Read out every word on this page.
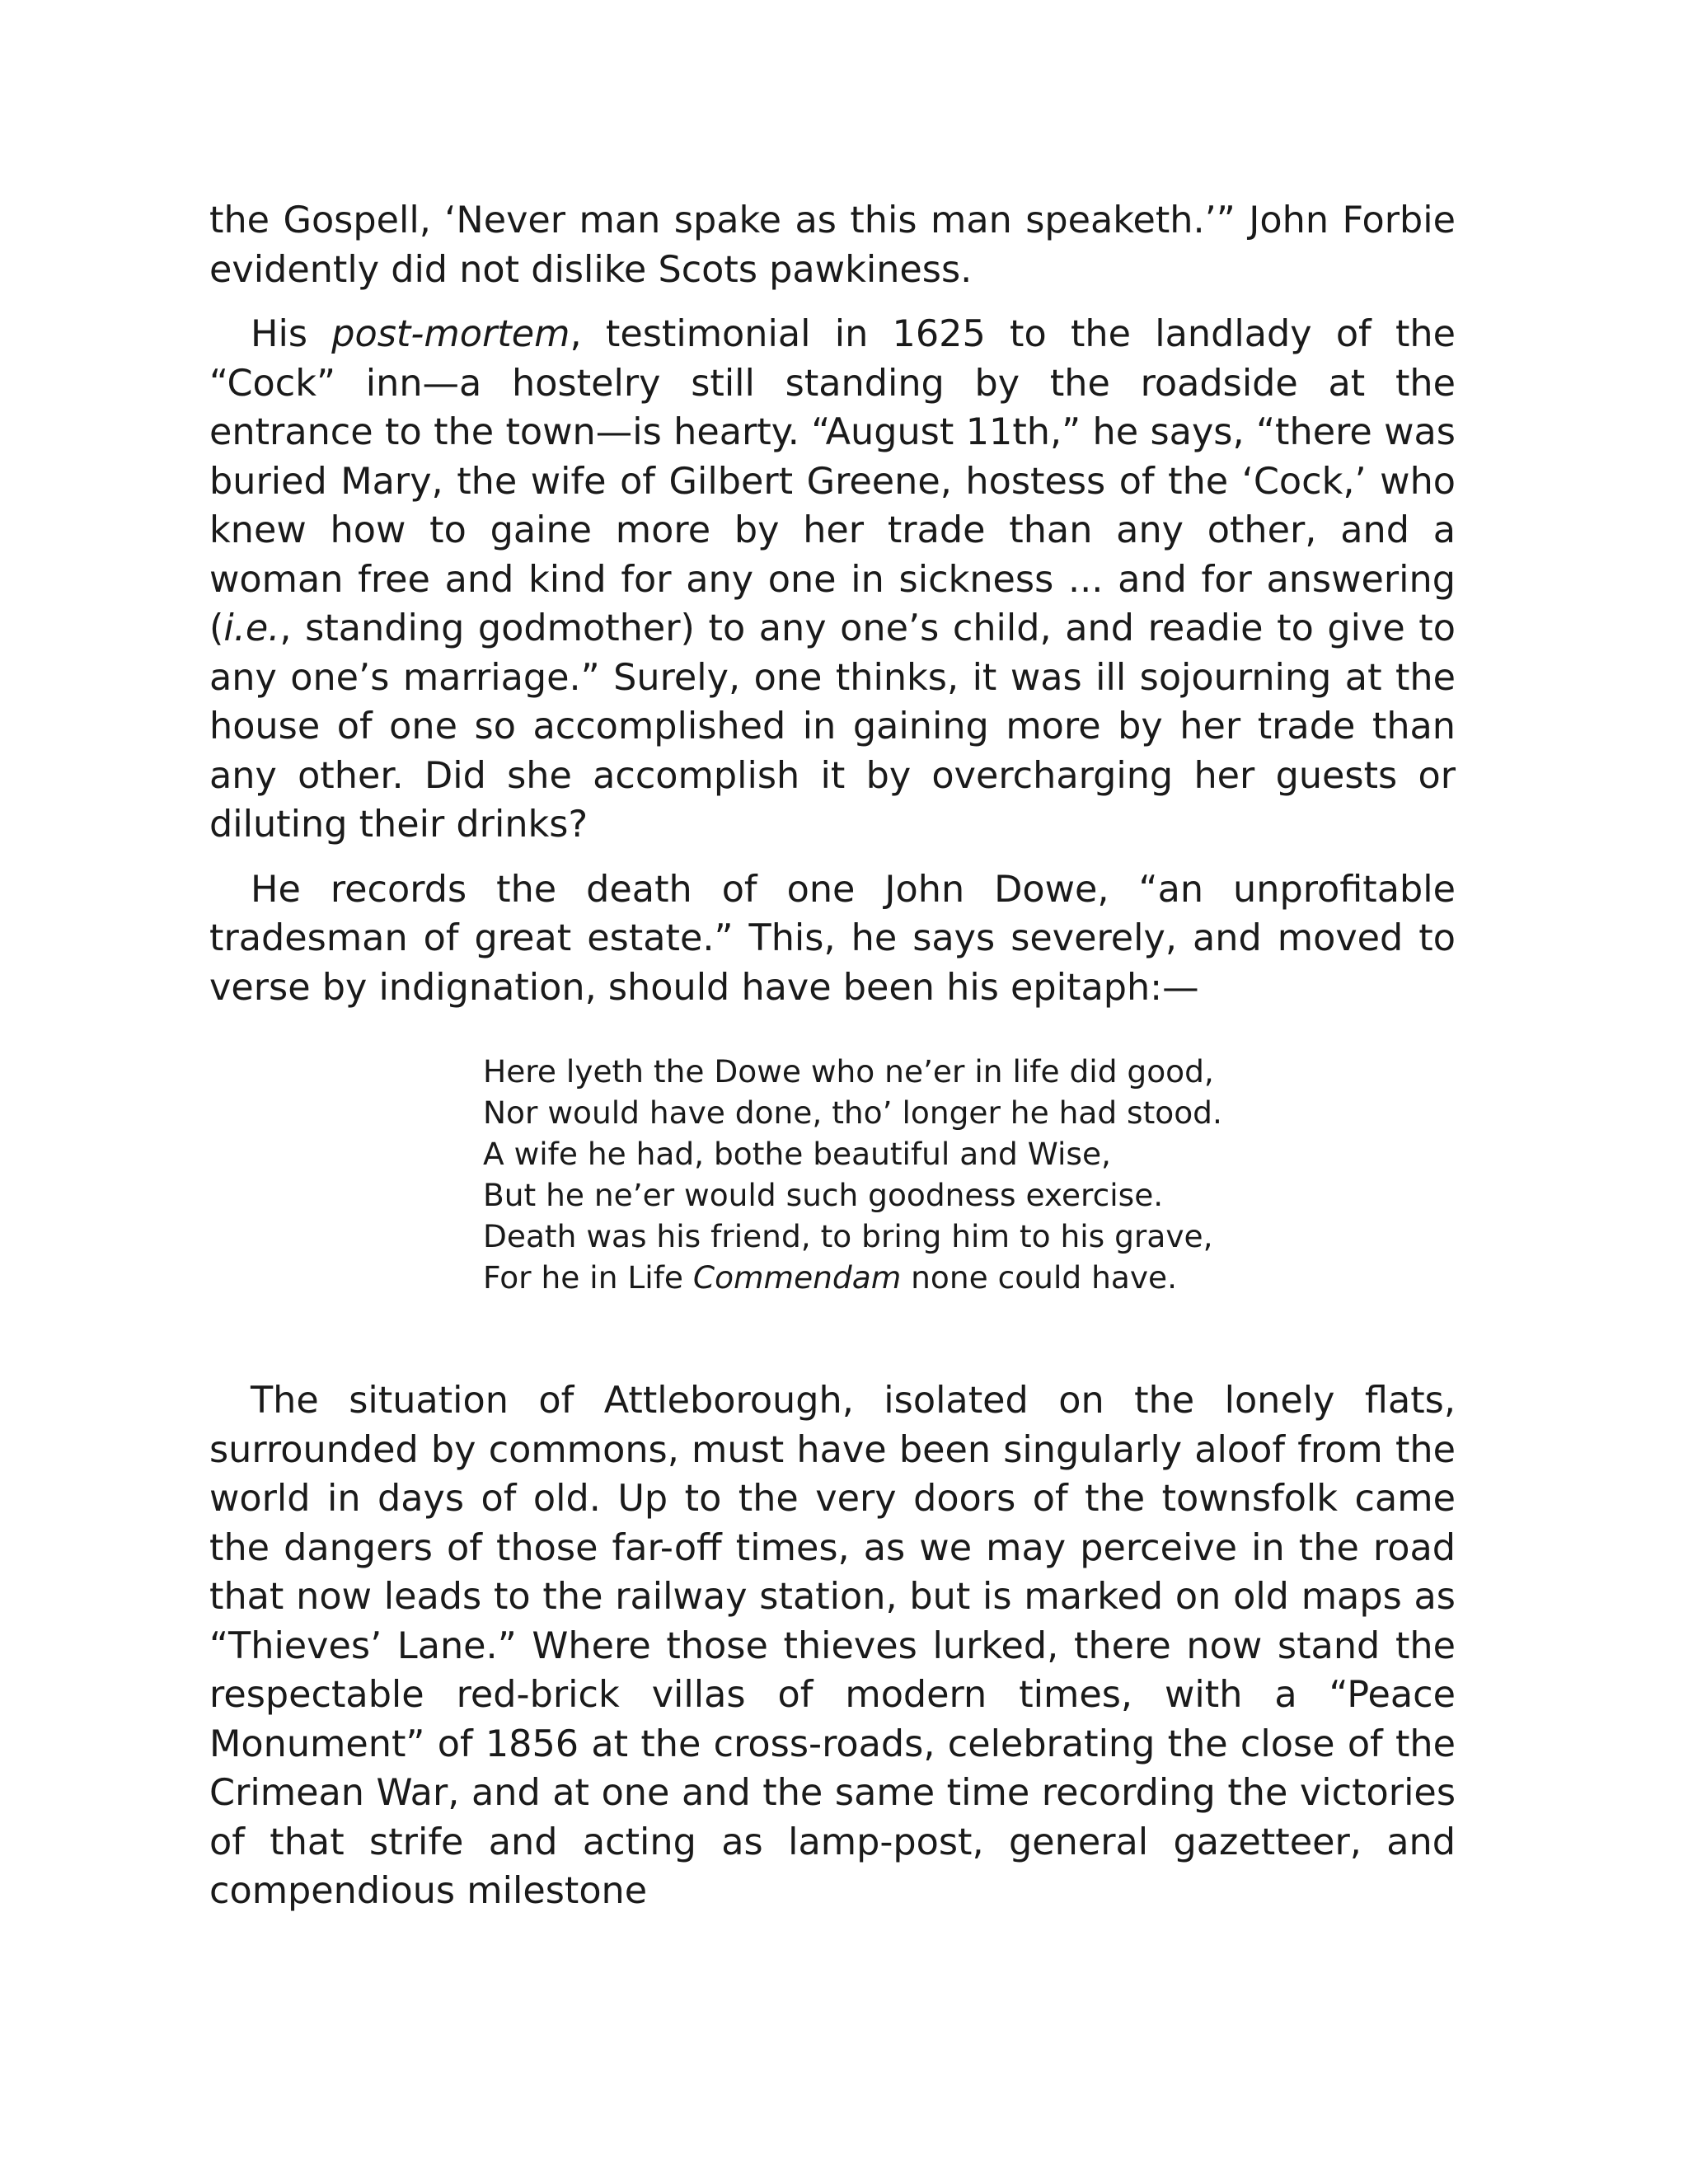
the Gospell, ‘Never man spake as this man speaketh.’” John Forbie evidently did not dislike Scots pawkiness.

His post-mortem, testimonial in 1625 to the landlady of the “Cock” inn—a hostelry still standing by the roadside at the entrance to the town—is hearty. “August 11th,” he says, “there was buried Mary, the wife of Gilbert Greene, hostess of the ‘Cock,’ who knew how to gaine more by her trade than any other, and a woman free and kind for any one in sickness ... and for answering (i.e., standing godmother) to any one’s child, and readie to give to any one’s marriage.” Surely, one thinks, it was ill sojourning at the house of one so accomplished in gaining more by her trade than any other. Did she accomplish it by overcharging her guests or diluting their drinks?

He records the death of one John Dowe, “an unprofitable tradesman of great estate.” This, he says severely, and moved to verse by indignation, should have been his epitaph:—

Here lyeth the Dowe who ne’er in life did good,
Nor would have done, tho’ longer he had stood.
A wife he had, bothe beautiful and Wise,
But he ne’er would such goodness exercise.
Death was his friend, to bring him to his grave,
For he in Life Commendam none could have.

The situation of Attleborough, isolated on the lonely flats, surrounded by commons, must have been singularly aloof from the world in days of old. Up to the very doors of the townsfolk came the dangers of those far-off times, as we may perceive in the road that now leads to the railway station, but is marked on old maps as “Thieves’ Lane.” Where those thieves lurked, there now stand the respectable red-brick villas of modern times, with a “Peace Monument” of 1856 at the cross-roads, celebrating the close of the Crimean War, and at one and the same time recording the victories of that strife and acting as lamp-post, general gazetteer, and compendious milestone
